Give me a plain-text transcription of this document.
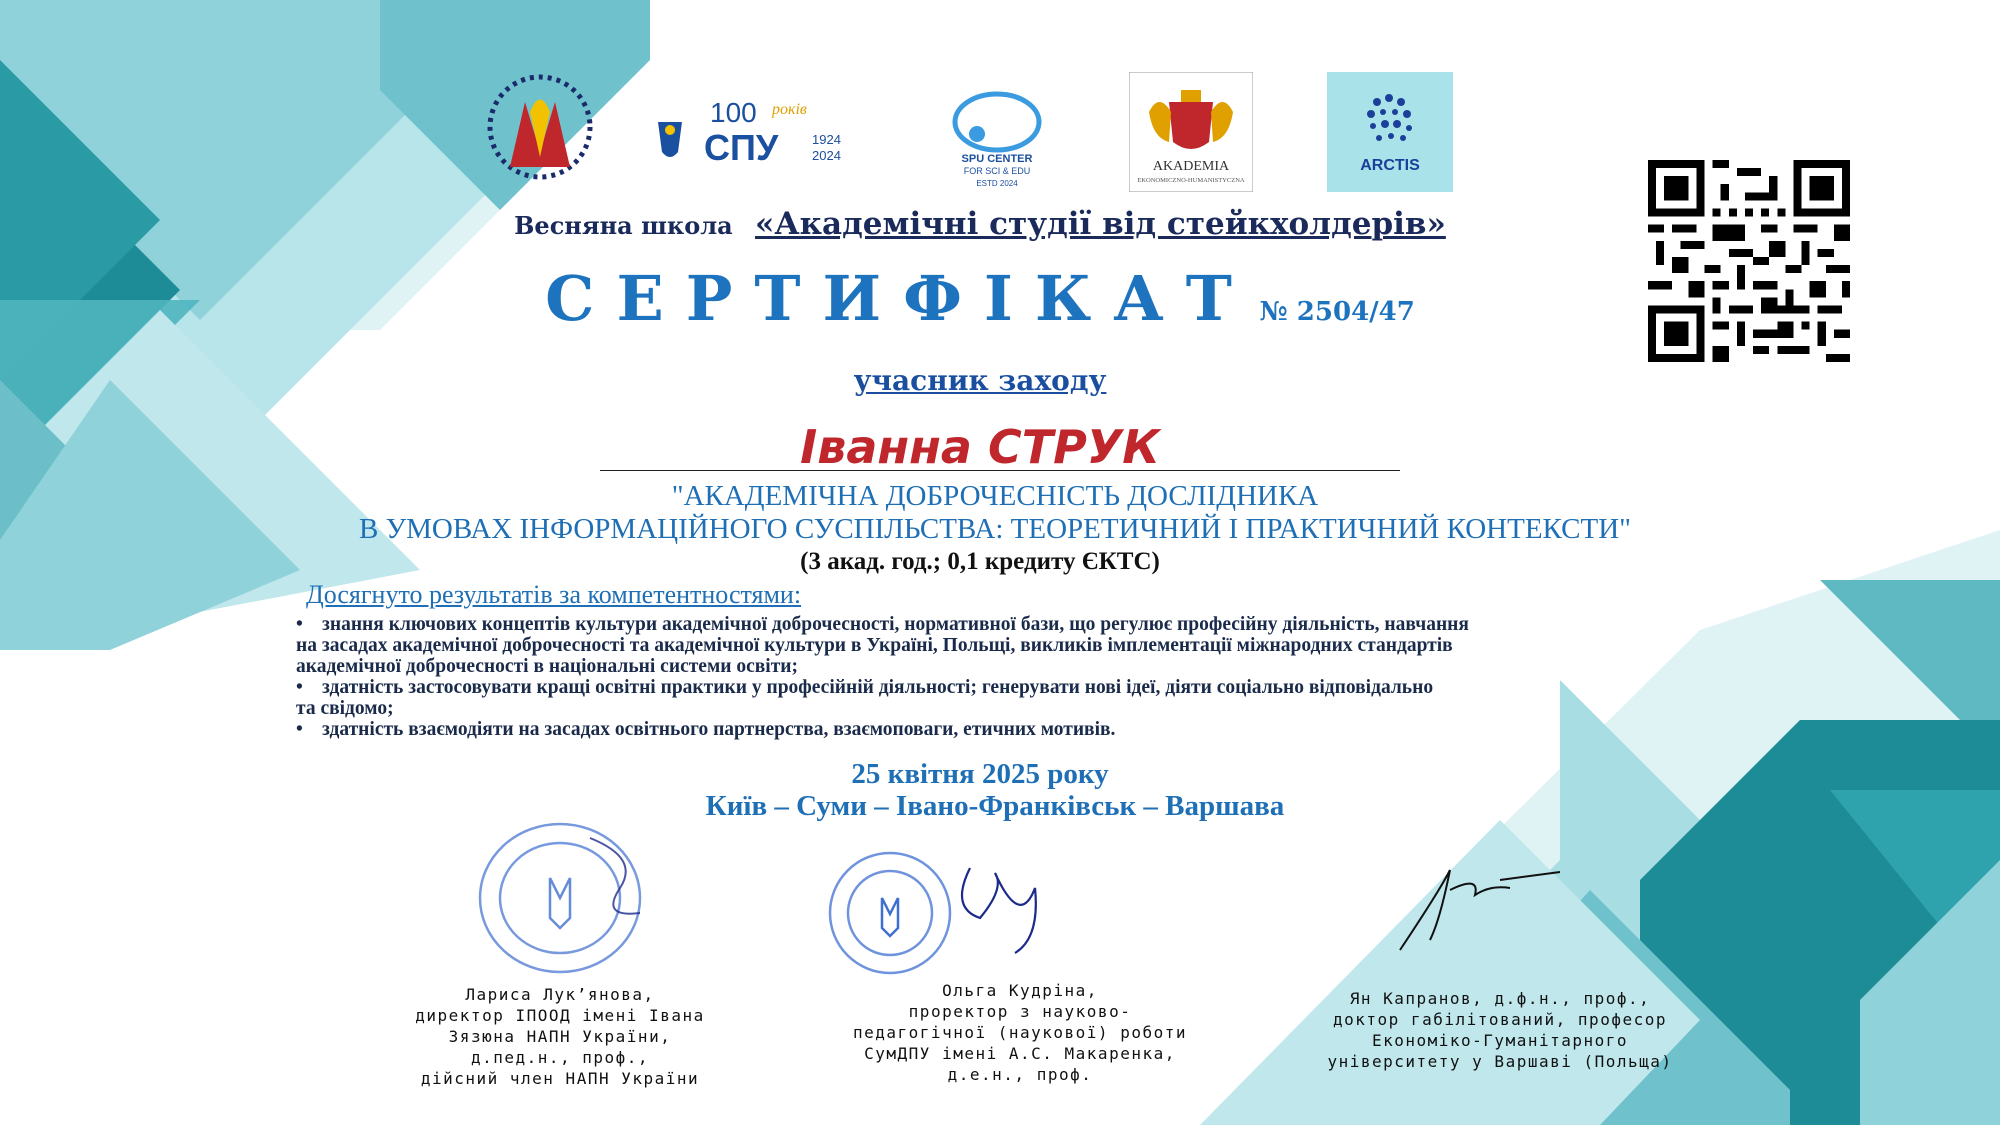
100 років
СПУ	1924
2024	SPU CENTER
FOR SCI & EDU
ESTD 2024
AKADEMIA
EKONOMICZNO-HUMANISTYCZNA
ARCTIS
Весняна школа «Академічні студії від стейкхолдерів»
СЕРТИФІКАТ № 2504/47
учасник заходу
Іванна СТРУК
"АКАДЕМІЧНА ДОБРОЧЕСНІСТЬ ДОСЛІДНИКА
В УМОВАХ ІНФОРМАЦІЙНОГО СУСПІЛЬСТВА: ТЕОРЕТИЧНИЙ І ПРАКТИЧНИЙ КОНТЕКСТИ"
(3 акад. год.; 0,1 кредиту ЄКТС)
Досягнуто результатів за компетентностями:

• знання ключових концептів культури академічної доброчесності, нормативної бази, що регулює професійну діяльність, навчання

на засадах академічної доброчесності та академічної культури в Україні, Польщі, викликів імплементації міжнародних стандартів

академічної доброчесності в національні системи освіти;

• здатність застосовувати кращі освітні практики у професійній діяльності; генерувати нові ідеї, діяти соціально відповідально

та свідомо;

• здатність взаємодіяти на засадах освітнього партнерства, взаємоповаги, етичних мотивів.

25 квітня 2025 року
Київ – Суми – Івано-Франківськ – Варшава

Лариса Лук’янова,

директор ІПООД імені Івана

Зязюна НАПН України,

д.пед.н., проф.,

дійсний член НАПН України

Ольга Кудріна,

проректор з науково-

педагогічної (наукової) роботи

СумДПУ імені А.С. Макаренка,

д.е.н., проф.

Ян Капранов, д.ф.н., проф.,

доктор габілітований, професор

Економіко-Гуманітарного

університету у Варшаві (Польща)
